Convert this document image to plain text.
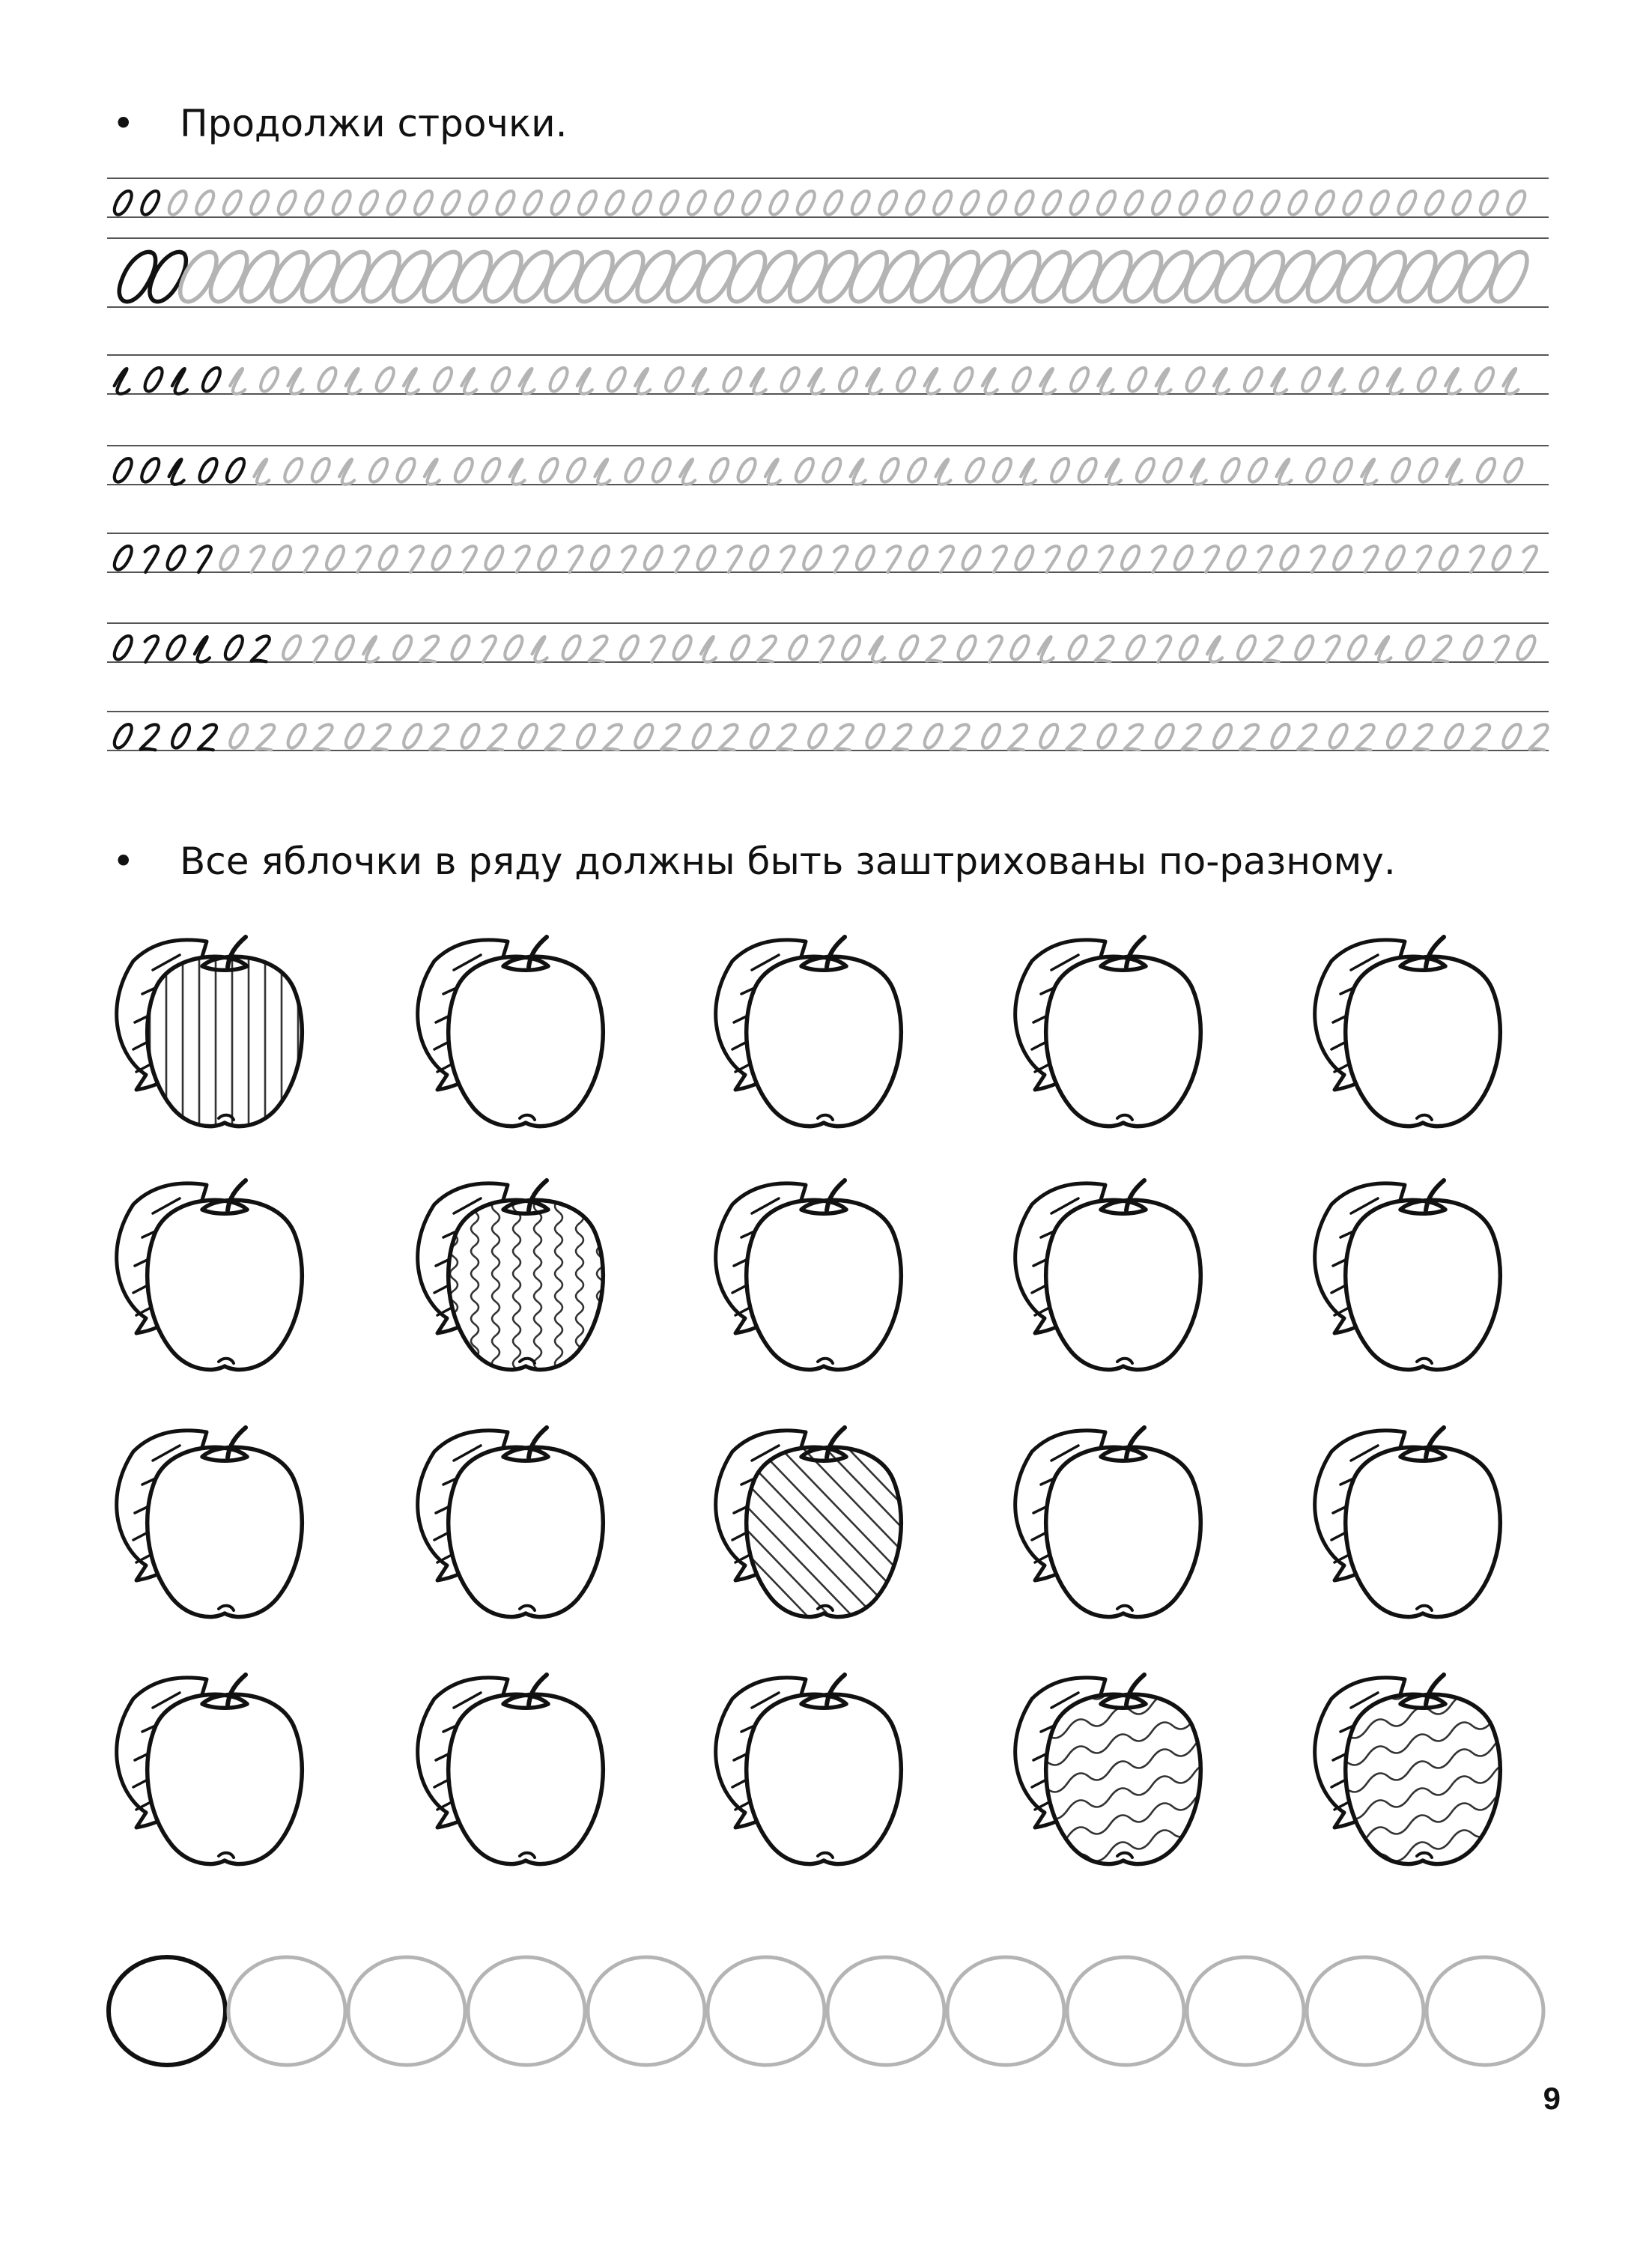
• Продолжи строчки.
• Все яблочки в ряду должны быть заштрихованы по-разному.
9
